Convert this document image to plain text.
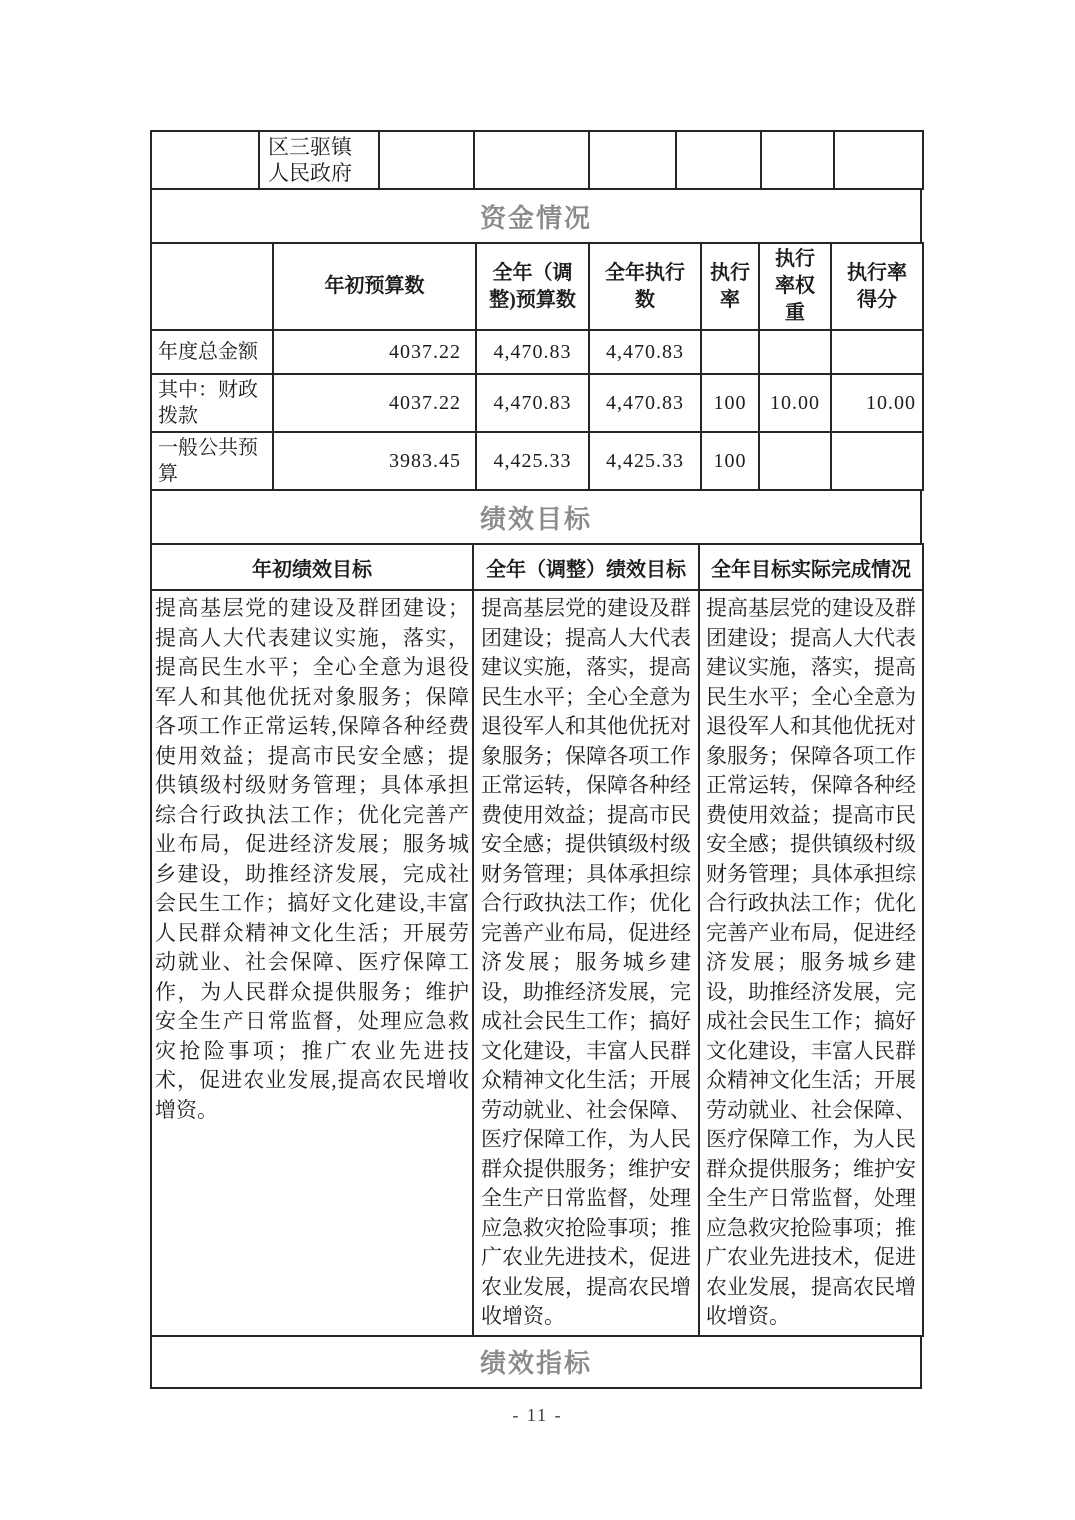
	区三驱镇人民政府						
资金情况
	年初预算数	全年（调整)预算数	全年执行数	执行率	执行率权重	执行率得分
年度总金额	4037.22	4,470.83	4,470.83			
其中：财政拨款	4037.22	4,470.83	4,470.83	100	10.00	10.00
一般公共预算	3983.45	4,425.33	4,425.33	100		
绩效目标
年初绩效目标	全年（调整）绩效目标	全年目标实际完成情况
提高基层党的建设及群团建设；提高人大代表建议实施，落实，提高民生水平；全心全意为退役军人和其他优抚对象服务；保障各项工作正常运转,保障各种经费使用效益；提高市民安全感；提供镇级村级财务管理；具体承担综合行政执法工作；优化完善产业布局，促进经济发展；服务城乡建设，助推经济发展，完成社会民生工作；搞好文化建设,丰富人民群众精神文化生活；开展劳动就业、社会保障、医疗保障工作，为人民群众提供服务；维护安全生产日常监督，处理应急救灾抢险事项；推广农业先进技术，促进农业发展,提高农民增收增资。	提高基层党的建设及群团建设；提高人大代表建议实施，落实，提高民生水平；全心全意为退役军人和其他优抚对象服务；保障各项工作正常运转，保障各种经费使用效益；提高市民安全感；提供镇级村级财务管理；具体承担综合行政执法工作；优化完善产业布局，促进经济发展；服务城乡建设，助推经济发展，完成社会民生工作；搞好文化建设，丰富人民群众精神文化生活；开展劳动就业、社会保障、医疗保障工作，为人民群众提供服务；维护安全生产日常监督，处理应急救灾抢险事项；推广农业先进技术，促进农业发展，提高农民增收增资。	提高基层党的建设及群团建设；提高人大代表建议实施，落实，提高民生水平；全心全意为退役军人和其他优抚对象服务；保障各项工作正常运转，保障各种经费使用效益；提高市民安全感；提供镇级村级财务管理；具体承担综合行政执法工作；优化完善产业布局，促进经济发展；服务城乡建设，助推经济发展，完成社会民生工作；搞好文化建设，丰富人民群众精神文化生活；开展劳动就业、社会保障、医疗保障工作，为人民群众提供服务；维护安全生产日常监督，处理应急救灾抢险事项；推广农业先进技术，促进农业发展，提高农民增收增资。
绩效指标
- 11 -
